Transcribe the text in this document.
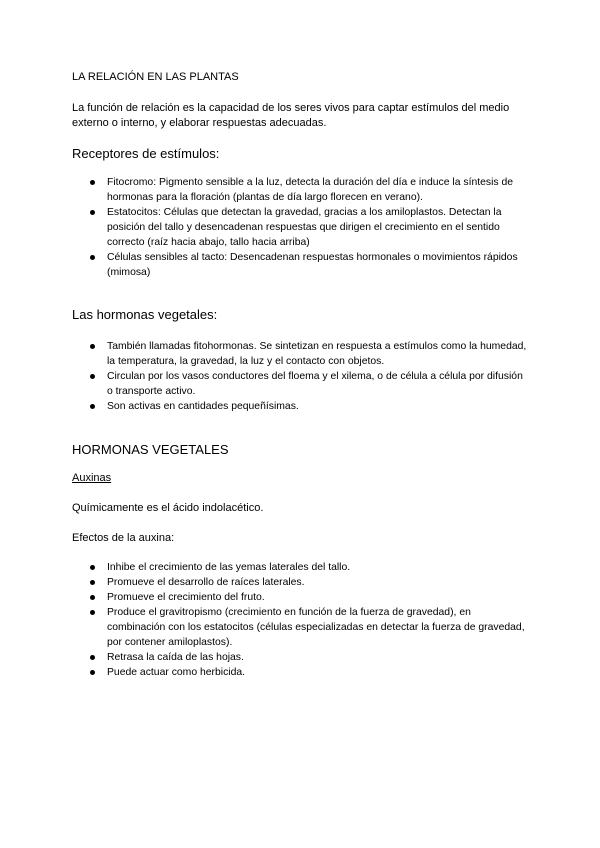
LA RELACIÓN EN LAS PLANTAS

La función de relación es la capacidad de los seres vivos para captar estímulos del medio externo o interno, y elaborar respuestas adecuadas.

Receptores de estímulos:

Fitocromo: Pigmento sensible a la luz, detecta la duración del día e induce la síntesis de hormonas para la floración (plantas de día largo florecen en verano).
Estatocitos: Células que detectan la gravedad, gracias a los amiloplastos. Detectan la posición del tallo y desencadenan respuestas que dirigen el crecimiento en el sentido correcto (raíz hacia abajo, tallo hacia arriba)
Células sensibles al tacto: Desencadenan respuestas hormonales o movimientos rápidos (mimosa)

Las hormonas vegetales:

También llamadas fitohormonas. Se sintetizan en respuesta a estímulos como la humedad, la temperatura, la gravedad, la luz y el contacto con objetos.
Circulan por los vasos conductores del floema y el xilema, o de célula a célula por difusión o transporte activo.
Son activas en cantidades pequeñísimas.

HORMONAS VEGETALES

Auxinas

Químicamente es el ácido indolacético.

Efectos de la auxina:

Inhibe el crecimiento de las yemas laterales del tallo.
Promueve el desarrollo de raíces laterales.
Promueve el crecimiento del fruto.
Produce el gravitropismo (crecimiento en función de la fuerza de gravedad), en combinación con los estatocitos (células especializadas en detectar la fuerza de gravedad, por contener amiloplastos).
Retrasa la caída de las hojas.
Puede actuar como herbicida.
